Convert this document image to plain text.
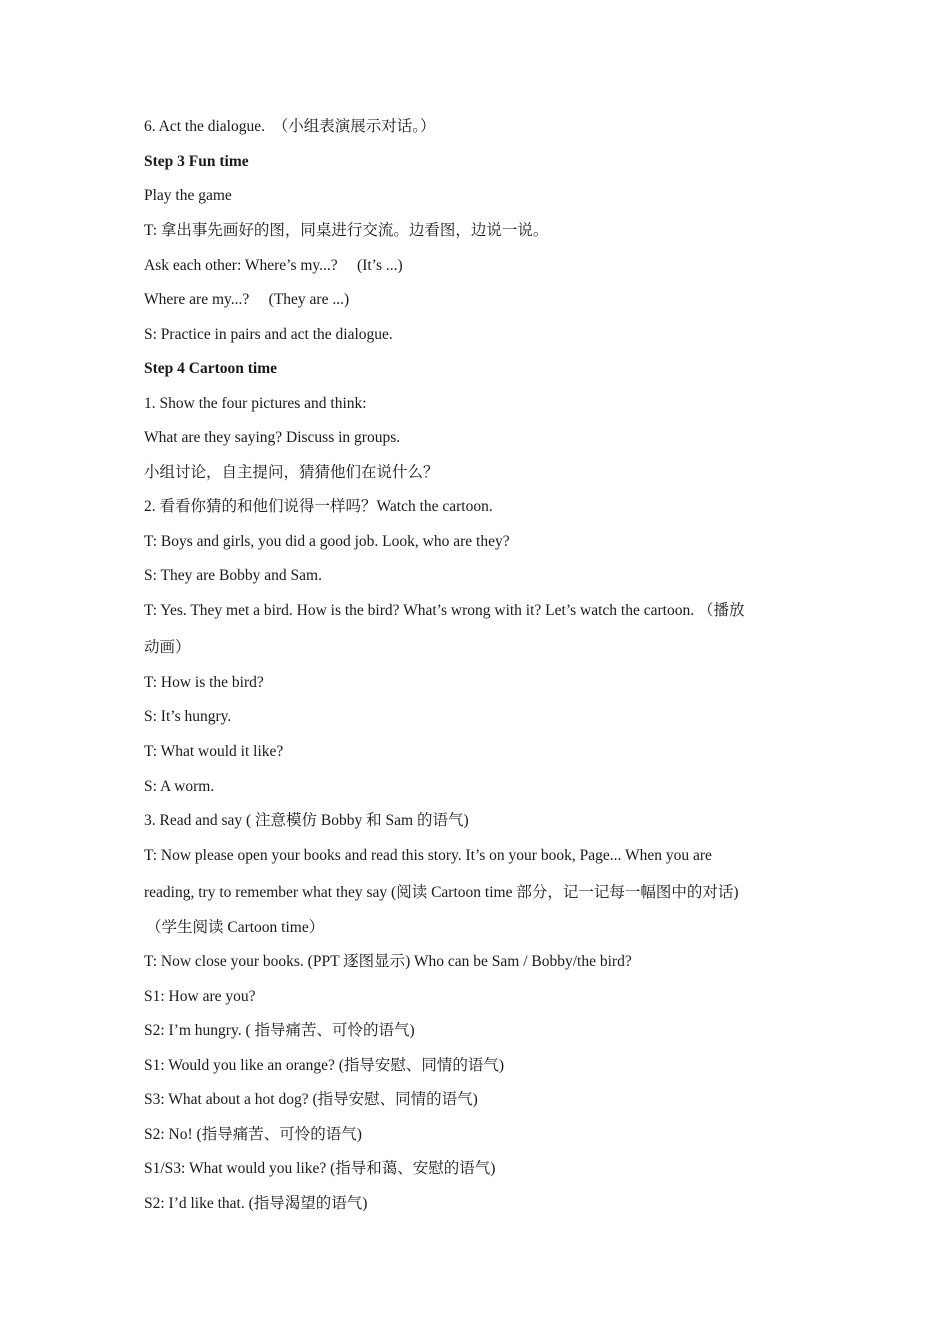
6. Act the dialogue.　（小组表演展示对话。）
Step 3 Fun time
Play the game
T: 拿出事先画好的图，同桌进行交流。边看图，边说一说。
Ask each other: Where’s my...?　 (It’s ...)
Where are my...?　 (They are ...)
S: Practice in pairs and act the dialogue.
Step 4 Cartoon time
1. Show the four pictures and think:
What are they saying? Discuss in groups.
小组讨论，自主提问，猜猜他们在说什么？
2. 看看你猜的和他们说得一样吗？Watch the cartoon.
T: Boys and girls, you did a good job. Look, who are they?
S: They are Bobby and Sam.
T: Yes. They met a bird. How is the bird? What’s wrong with it? Let’s watch the cartoon. （播放
动画）
T: How is the bird?
S: It’s hungry.
T: What would it like?
S: A worm.
3. Read and say ( 注意模仿 Bobby 和 Sam 的语气)
T: Now please open your books and read this story. It’s on your book, Page... When you are
reading, try to remember what they say (阅读 Cartoon time 部分，记一记每一幅图中的对话)
（学生阅读 Cartoon time）
T: Now close your books. (PPT 逐图显示) Who can be Sam / Bobby/the bird?
S1: How are you?
S2: I’m hungry. ( 指导痛苦、可怜的语气)
S1: Would you like an orange? (指导安慰、同情的语气)
S3: What about a hot dog? (指导安慰、同情的语气)
S2: No! (指导痛苦、可怜的语气)
S1/S3: What would you like? (指导和蔼、安慰的语气)
S2: I’d like that. (指导渴望的语气)
